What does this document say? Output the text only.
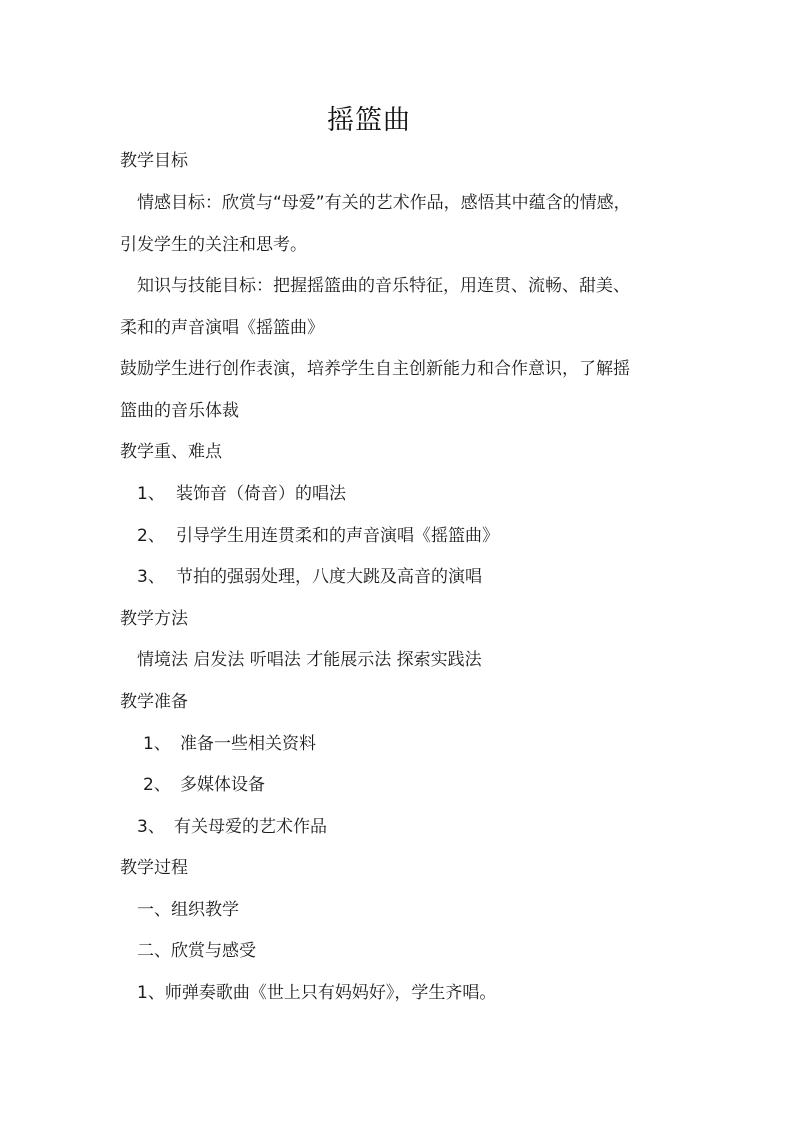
摇篮曲
教学目标
情感目标：欣赏与“母爱”有关的艺术作品，感悟其中蕴含的情感，
引发学生的关注和思考。
知识与技能目标：把握摇篮曲的音乐特征，用连贯、流畅、甜美、
柔和的声音演唱《摇篮曲》
鼓励学生进行创作表演，培养学生自主创新能力和合作意识，了解摇
篮曲的音乐体裁
教学重、难点
1、 装饰音（倚音）的唱法
2、 引导学生用连贯柔和的声音演唱《摇篮曲》
3、 节拍的强弱处理，八度大跳及高音的演唱
教学方法
情境法 启发法 听唱法 才能展示法 探索实践法
教学准备
1、 准备一些相关资料
2、 多媒体设备
3、 有关母爱的艺术作品
教学过程
一、组织教学
二、欣赏与感受
1、师弹奏歌曲《世上只有妈妈好》，学生齐唱。
